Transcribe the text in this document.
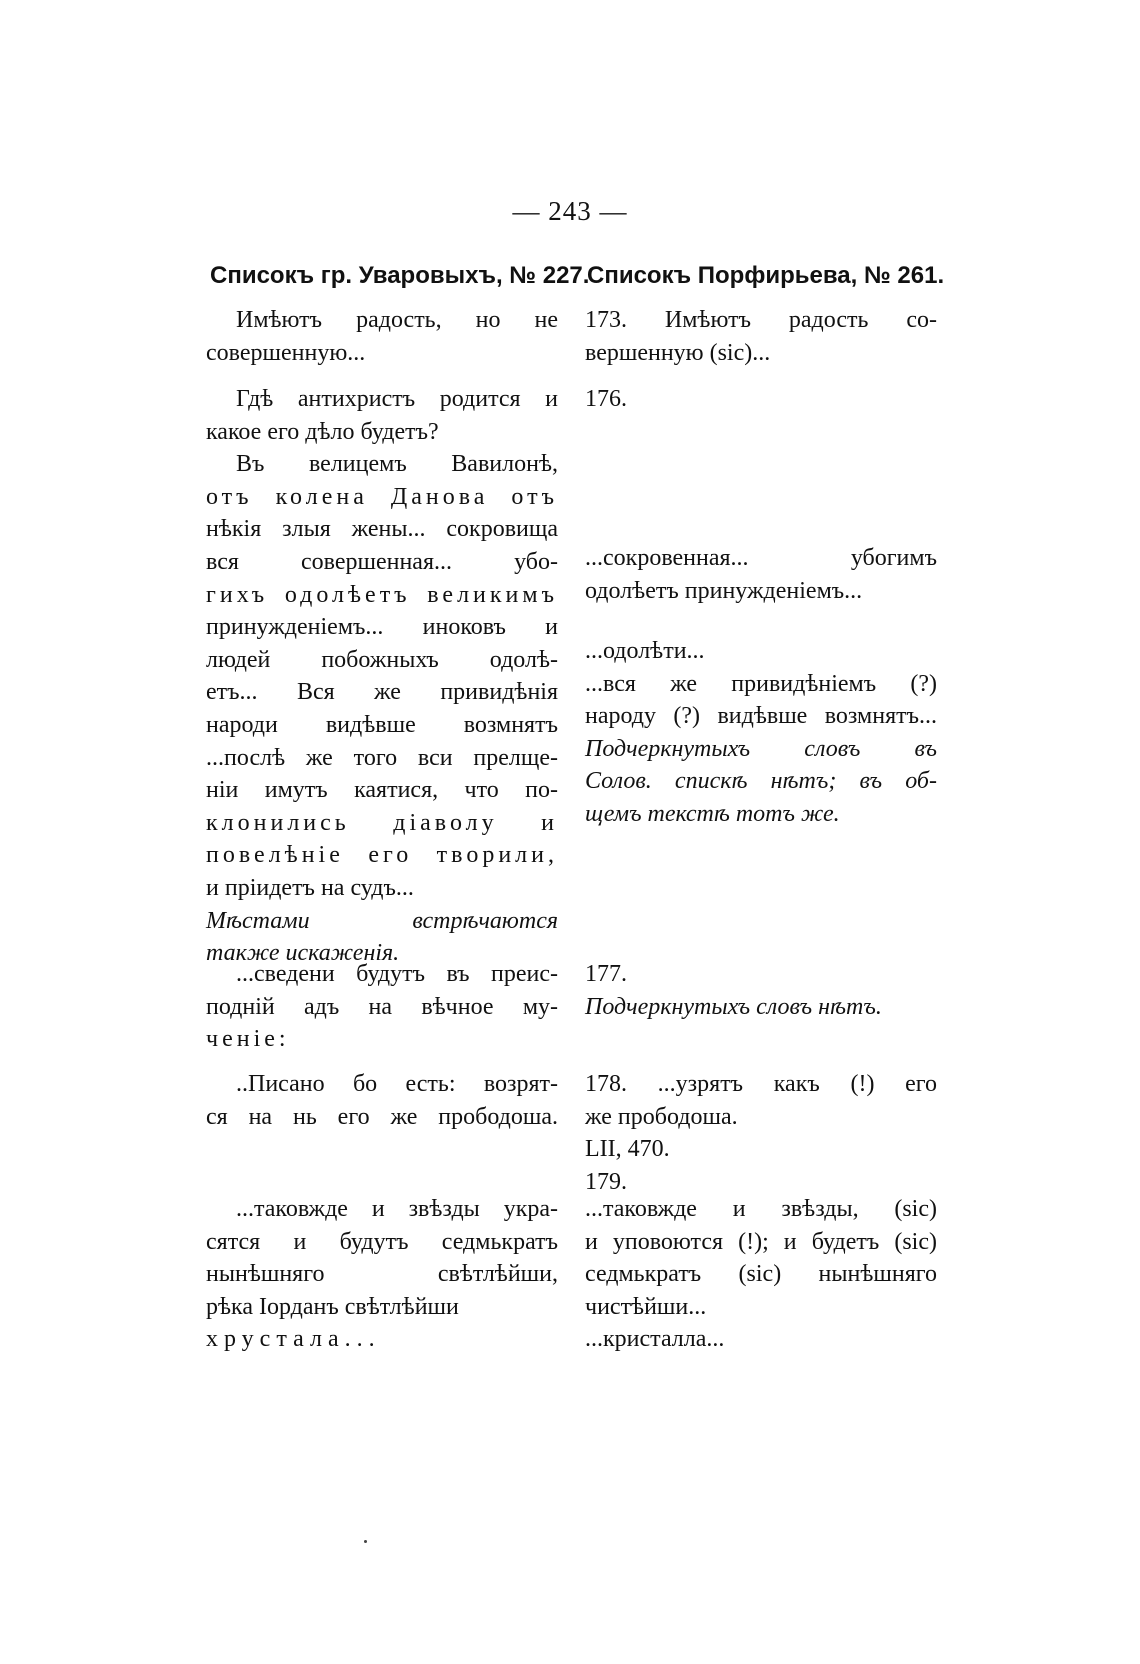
— 243 —
Списокъ гр. Уваровыхъ, № 227.
Списокъ Порфирьева, № 261.
Имѣютъ радость, но не
совершенную...
Гдѣ антихристъ родится и
какое его дѣло будетъ?
Въ велицемъ Вавилонѣ,
отъ колена Данова отъ
нѣкія злыя жены... сокровища
вся совершенная... убо-
гихъ одолѣетъ великимъ
принужденіемъ... иноковъ и
людей побожныхъ одолѣ-
етъ... Вся же привидѣнія
народи видѣвше возмнятъ
...послѣ же того вси прелще-
ніи имутъ каятися, что по-
клонились діаволу и
повелѣніе его творили,
и пріидетъ на судъ...
Мѣстами встрѣчаются
также искаженія.
...сведени будутъ въ преис-
подній адъ на вѣчное му-
ченіе:
..Писано бо есть: возрят-
ся на нь его же прободоша.
...таковжде и звѣзды укра-
сятся и будутъ седмькратъ
нынѣшняго свѣтлѣйши,
рѣка Іорданъ свѣтлѣйши
хрустала...
173. Имѣютъ радость со-
вершенную (sic)...
176.
...сокровенная... убогимъ
одолѣетъ принужденіемъ...
...одолѣти...
...вся же привидѣніемъ (?)
народу (?) видѣвше возмнятъ...
Подчеркнутыхъ словъ въ
Солов. спискѣ нѣтъ; въ об-
щемъ текстѣ тотъ же.
177.
Подчеркнутыхъ словъ нѣтъ.
178. ...узрятъ какъ (!) его
же прободоша.
LII, 470.
179.
...таковжде и звѣзды, (sic)
и уповоются (!); и будетъ (sic)
седмькратъ (sic) нынѣшняго
чистѣйши...
...кристалла...
